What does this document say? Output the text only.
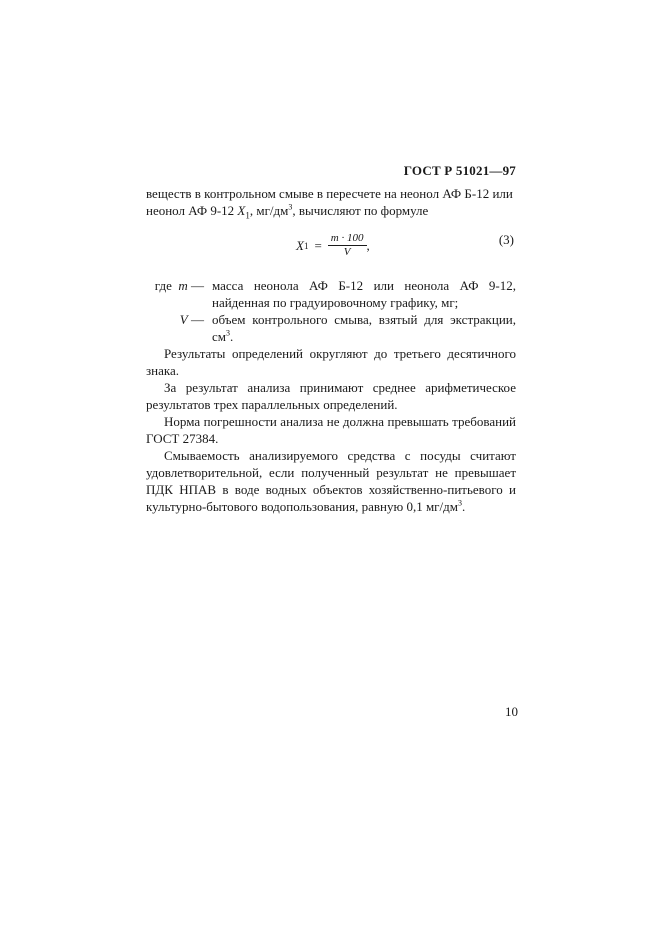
ГОСТ Р 51021—97
веществ в контрольном смыве в пересчете на неонол АФ Б-12 или
неонол АФ 9-12 $X_1$, $мг/дм^3$, вычисляют по формуле
X $1 = \frac{m \cdot 100}{V}$ ,	(3)
где
m
— масса неонола АФ Б-12 или неонола АФ 9-12, найденная по градуировочному графику, мг;
V
— объем контрольного смыва, взятый для экстракции, $см^3$.

Результаты определений округляют до третьего десятичного знака.

За результат анализа принимают среднее арифметическое результатов трех параллельных определений.

Норма погрешности анализа не должна превышать требований ГОСТ 27384.

Смываемость анализируемого средства с посуды считают удовлетворительной, если полученный результат не превышает ПДК НПАВ в воде водных объектов хозяйственно-питьевого и культурно-бытового водопользования, равную 0,1 $мг/дм^3$.

10
